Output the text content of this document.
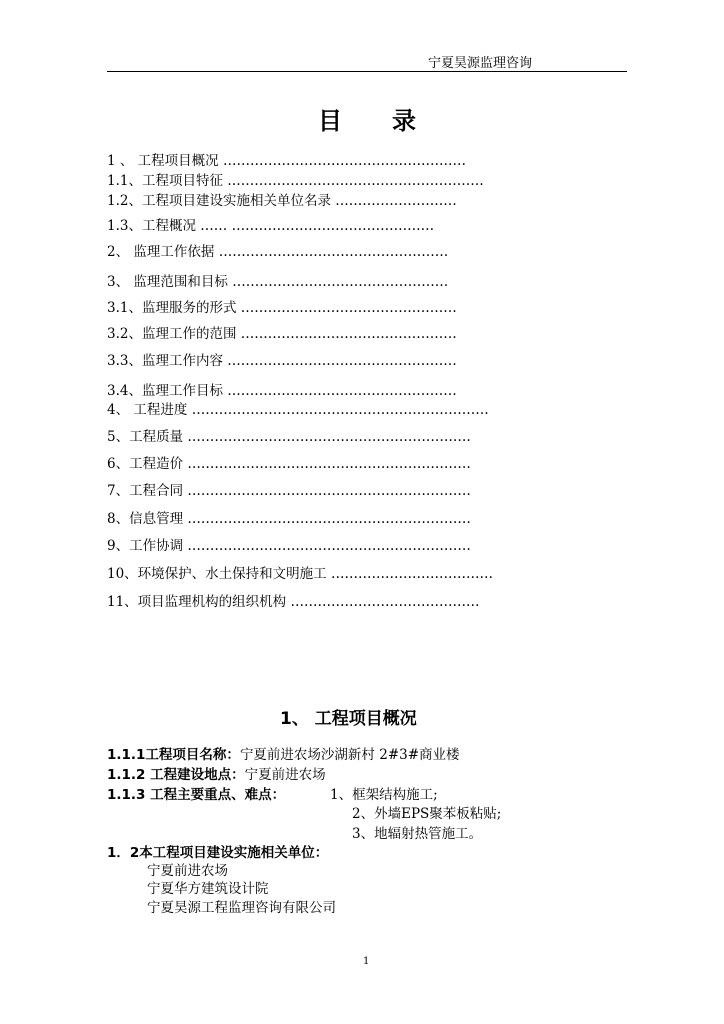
宁夏昊源监理咨询
目录
1 、 工程项目概况 ………………………………………………
1.1、工程项目特征 …………………………………………………
1.2、工程项目建设实施相关单位名录 ………………………
1.3、工程概况 …… ………………………………………
2、 监理工作依据 ……………………………………………
3、 监理范围和目标 …………………………………………
3.1、监理服务的形式 …………………………………………
3.2、监理工作的范围 …………………………………………
3.3、监理工作内容 ……………………………………………
3.4、监理工作目标 ……………………………………………
4、 工程进度 …………………………………………………………
5、工程质量 ………………………………………………………
6、工程造价 ………………………………………………………
7、工程合同 ………………………………………………………
8、信息管理 ………………………………………………………
9、工作协调 ………………………………………………………
10、环境保护、水土保持和文明施工 ………………………………
11、项目监理机构的组织机构 ……………………………………
1、 工程项目概况
1.1.1工程项目名称：宁夏前进农场沙湖新村 2#3#商业楼
1.1.2 工程建设地点：宁夏前进农场
1.1.3 工程主要重点、难点：	1、框架结构施工;
2、外墙EPS聚苯板粘贴;
3、地辐射热管施工。
1．2本工程项目建设实施相关单位：
宁夏前进农场
宁夏华方建筑设计院
宁夏昊源工程监理咨询有限公司
1
